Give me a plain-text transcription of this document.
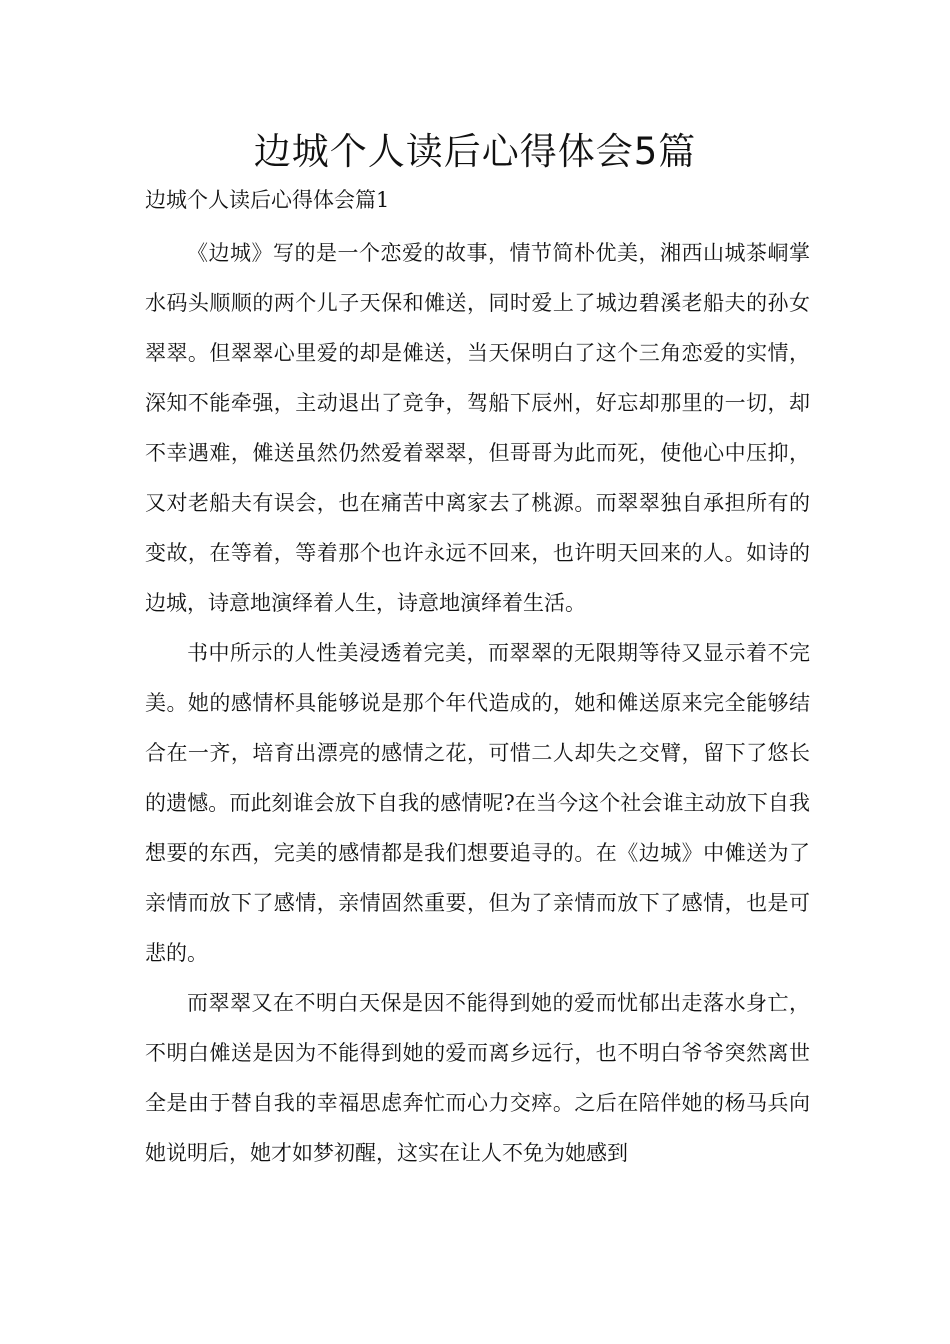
边城个人读后心得体会5篇
边城个人读后心得体会篇1

《边城》写的是一个恋爱的故事，情节简朴优美，湘西山城茶峒掌水码头顺顺的两个儿子天保和傩送，同时爱上了城边碧溪老船夫的孙女翠翠。但翠翠心里爱的却是傩送，当天保明白了这个三角恋爱的实情，深知不能牵强，主动退出了竞争，驾船下辰州，好忘却那里的一切，却不幸遇难，傩送虽然仍然爱着翠翠，但哥哥为此而死，使他心中压抑，又对老船夫有误会，也在痛苦中离家去了桃源。而翠翠独自承担所有的变故，在等着，等着那个也许永远不回来，也许明天回来的人。如诗的边城，诗意地演绎着人生，诗意地演绎着生活。

书中所示的人性美浸透着完美，而翠翠的无限期等待又显示着不完美。她的感情杯具能够说是那个年代造成的，她和傩送原来完全能够结合在一齐，培育出漂亮的感情之花，可惜二人却失之交臂，留下了悠长的遗憾。而此刻谁会放下自我的感情呢?在当今这个社会谁主动放下自我想要的东西，完美的感情都是我们想要追寻的。在《边城》中傩送为了亲情而放下了感情，亲情固然重要，但为了亲情而放下了感情，也是可悲的。

而翠翠又在不明白天保是因不能得到她的爱而忧郁出走落水身亡，不明白傩送是因为不能得到她的爱而离乡远行，也不明白爷爷突然离世全是由于替自我的幸福思虑奔忙而心力交瘁。之后在陪伴她的杨马兵向她说明后，她才如梦初醒，这实在让人不免为她感到
